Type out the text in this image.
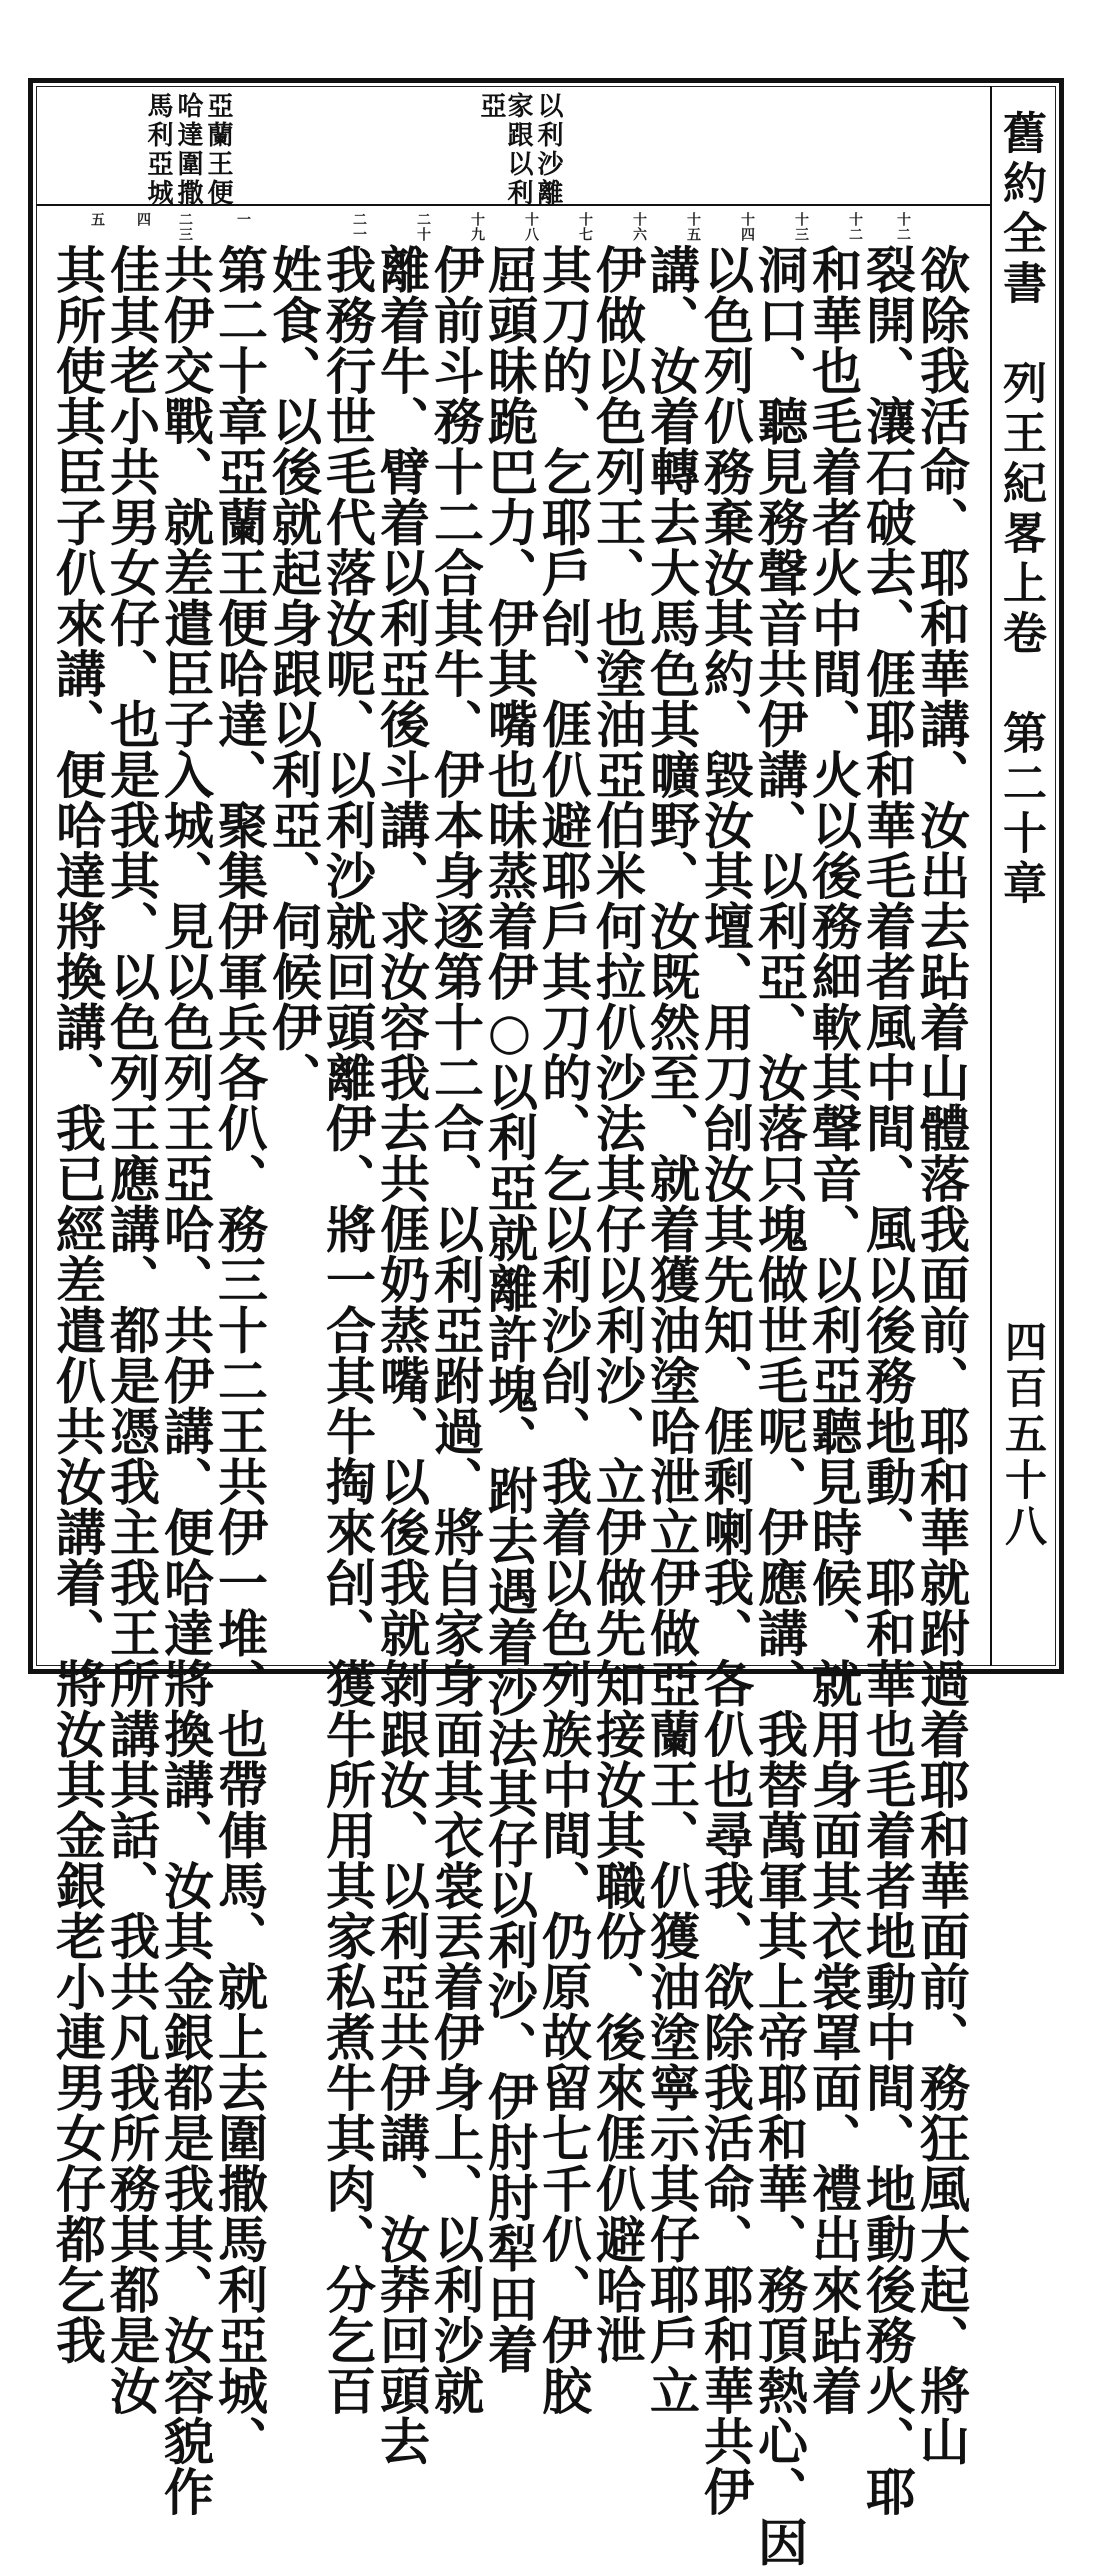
舊約全書　列王紀畧上卷　第二十章
四百五十八
亞蘭王便
哈達圍撒
馬利亞城	以利沙離
家跟以利
亞
十二
十二
十三
十四
十五
十六
十七
十八
十九
二十
二一
一
二三
四
五
欲除我活命、耶和華講、汝出去跕着山體落我面前、耶和華就跗過着耶和華面前、務狂風大起、將山
裂開、瀼石破去、𠊎耶和華毛着者風中間、風以後務地動、耶和華也毛着者地動中間、地動後務火、耶
和華也毛着者火中間、火以後務細軟其聲音、以利亞聽見時候、就用身面其衣裳罩面、禮出來跕着
洞口、聽見務聲音共伊講、以利亞、汝落只塊做世毛呢、伊應講、我替萬軍其上帝耶和華、務頂熱心、因
以色列仈務棄汝其約、毀汝其壇、用刀刣汝其先知、𠊎剩喇我、各仈也尋我、欲除我活命、耶和華共伊
講、汝着轉去大馬色其曠野、汝既然至、就着獲油塗哈泄立伊做亞蘭王、仈獲油塗寧示其仔耶戶立
伊做以色列王、也塗油亞伯米何拉仈沙法其仔以利沙、立伊做先知接汝其職份、後來𠊎仈避哈泄
其刀的、乞耶戶刣、𠊎仈避耶戶其刀的、乞以利沙刣、我着以色列族中間、仍原故留七千仈、伊胶
屈頭昧跪巴力、伊其嘴也昧蒸着伊○以利亞就離許塊、跗去遇着沙法其仔以利沙、伊肘肘犁田着
伊前斗務十二合其牛、伊本身逐第十二合、以利亞跗過、將自家身面其衣裳丟着伊身上、以利沙就
離着牛、臂着以利亞後斗講、求汝容我去共𠊎奶蒸嘴、以後我就剝跟汝、以利亞共伊講、汝莽回頭去
我務行世毛代落汝呢、以利沙就回頭離伊、將一合其牛掏來刣、獲牛所用其家私煮牛其肉、分乞百
姓食、以後就起身跟以利亞、伺候伊、
第二十章亞蘭王便哈達、聚集伊軍兵各仈、務三十二王共伊一堆、也帶俥馬、就上去圍撒馬利亞城、
共伊交戰、就差遣臣子入城、見以色列王亞哈、共伊講、便哈達將換講、汝其金銀都是我其、汝容貌作
佳其老小共男女仔、也是我其、以色列王應講、都是憑我主我王所講其話、我共凡我所務其都是汝
其所使其臣子仈來講、便哈達將換講、我已經差遣仈共汝講着、將汝其金銀老小連男女仔都乞我
